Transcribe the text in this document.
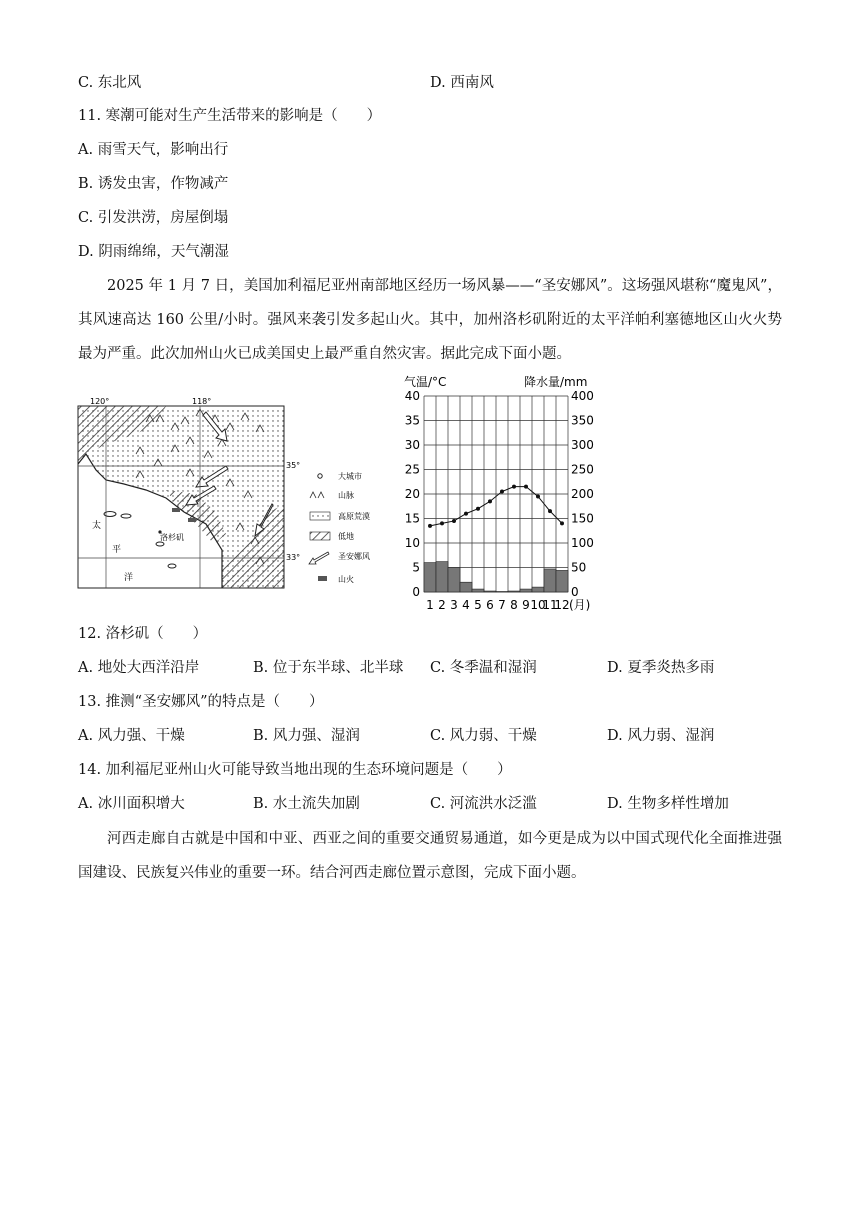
C. 东北风	D. 西南风
11. 寒潮可能对生产生活带来的影响是（　　）
A. 雨雪天气，影响出行
B. 诱发虫害，作物减产
C. 引发洪涝，房屋倒塌
D. 阴雨绵绵，天气潮湿
2025 年 1 月 7 日，美国加利福尼亚州南部地区经历一场风暴——“圣安娜风”。这场强风堪称“魔鬼风”，其风速高达 160 公里/小时。强风来袭引发多起山火。其中，加州洛杉矶附近的太平洋帕利塞德地区山火火势最为严重。此次加州山火已成美国史上最严重自然灾害。据此完成下面小题。
120°	118°
35°
33°
洛杉矶
太
平
洋
大城市
山脉
高原荒漠
低地
圣安娜风
山火
气温/°C	降水量/mm
40	400
35	350
30	300
25	250
20	200
15	150
10	100
5	50
0	0
1 2 3 4 5 6 7 8 9 10
11
12 (月)
12. 洛杉矶（　　）
A. 地处大西洋沿岸	B. 位于东半球、北半球 C. 冬季温和湿润	D. 夏季炎热多雨
13. 推测“圣安娜风”的特点是（　　）
A. 风力强、干燥	B. 风力强、湿润	C. 风力弱、干燥	D. 风力弱、湿润
14. 加利福尼亚州山火可能导致当地出现的生态环境问题是（　　）
A. 冰川面积增大	B. 水土流失加剧	C. 河流洪水泛滥	D. 生物多样性增加
河西走廊自古就是中国和中亚、西亚之间的重要交通贸易通道，如今更是成为以中国式现代化全面推进强国建设、民族复兴伟业的重要一环。结合河西走廊位置示意图，完成下面小题。
